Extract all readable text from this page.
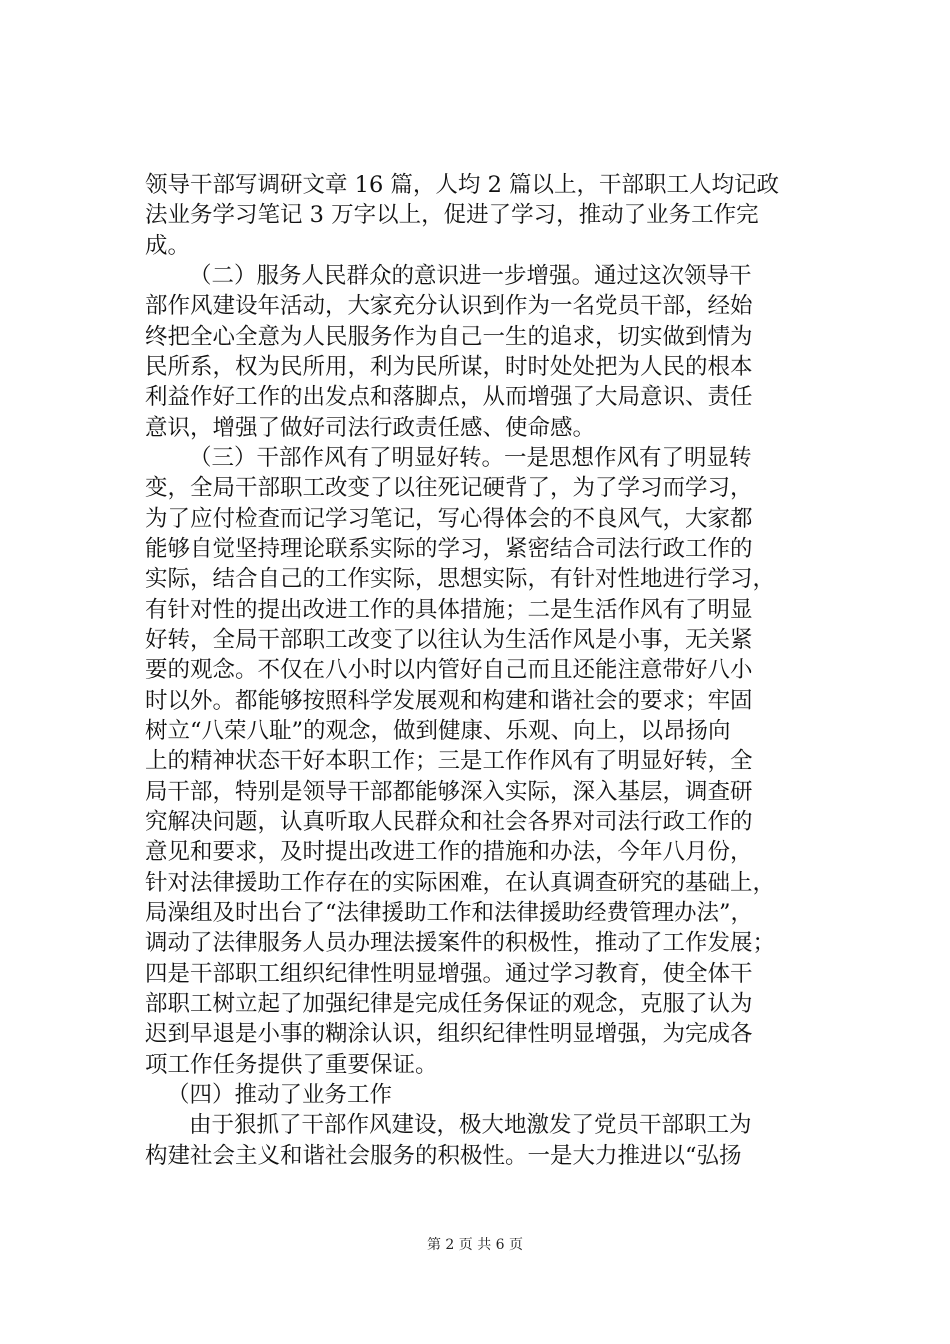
领导干部写调研文章 16 篇，人均 2 篇以上，干部职工人均记政
法业务学习笔记 3 万字以上，促进了学习，推动了业务工作完
成。
（二）服务人民群众的意识进一步增强。通过这次领导干
部作风建设年活动，大家充分认识到作为一名党员干部，经始
终把全心全意为人民服务作为自己一生的追求，切实做到情为
民所系，权为民所用，利为民所谋，时时处处把为人民的根本
利益作好工作的出发点和落脚点，从而增强了大局意识、责任
意识，增强了做好司法行政责任感、使命感。
（三）干部作风有了明显好转。一是思想作风有了明显转
变，全局干部职工改变了以往死记硬背了，为了学习而学习，
为了应付检查而记学习笔记，写心得体会的不良风气，大家都
能够自觉坚持理论联系实际的学习，紧密结合司法行政工作的
实际，结合自己的工作实际，思想实际，有针对性地进行学习，
有针对性的提出改进工作的具体措施；二是生活作风有了明显
好转，全局干部职工改变了以往认为生活作风是小事，无关紧
要的观念。不仅在八小时以内管好自己而且还能注意带好八小
时以外。都能够按照科学发展观和构建和谐社会的要求；牢固
树立“八荣八耻”的观念，做到健康、乐观、向上，以昂扬向
上的精神状态干好本职工作；三是工作作风有了明显好转，全
局干部，特别是领导干部都能够深入实际，深入基层，调查研
究解决问题，认真听取人民群众和社会各界对司法行政工作的
意见和要求，及时提出改进工作的措施和办法，今年八月份，
针对法律援助工作存在的实际困难，在认真调查研究的基础上，
局澡组及时出台了“法律援助工作和法律援助经费管理办法”，
调动了法律服务人员办理法援案件的积极性，推动了工作发展；
四是干部职工组织纪律性明显增强。通过学习教育，使全体干
部职工树立起了加强纪律是完成任务保证的观念，克服了认为
迟到早退是小事的糊涂认识，组织纪律性明显增强，为完成各
项工作任务提供了重要保证。
（四）推动了业务工作
由于狠抓了干部作风建设，极大地激发了党员干部职工为
构建社会主义和谐社会服务的积极性。一是大力推进以“弘扬
第 2 页 共 6 页
